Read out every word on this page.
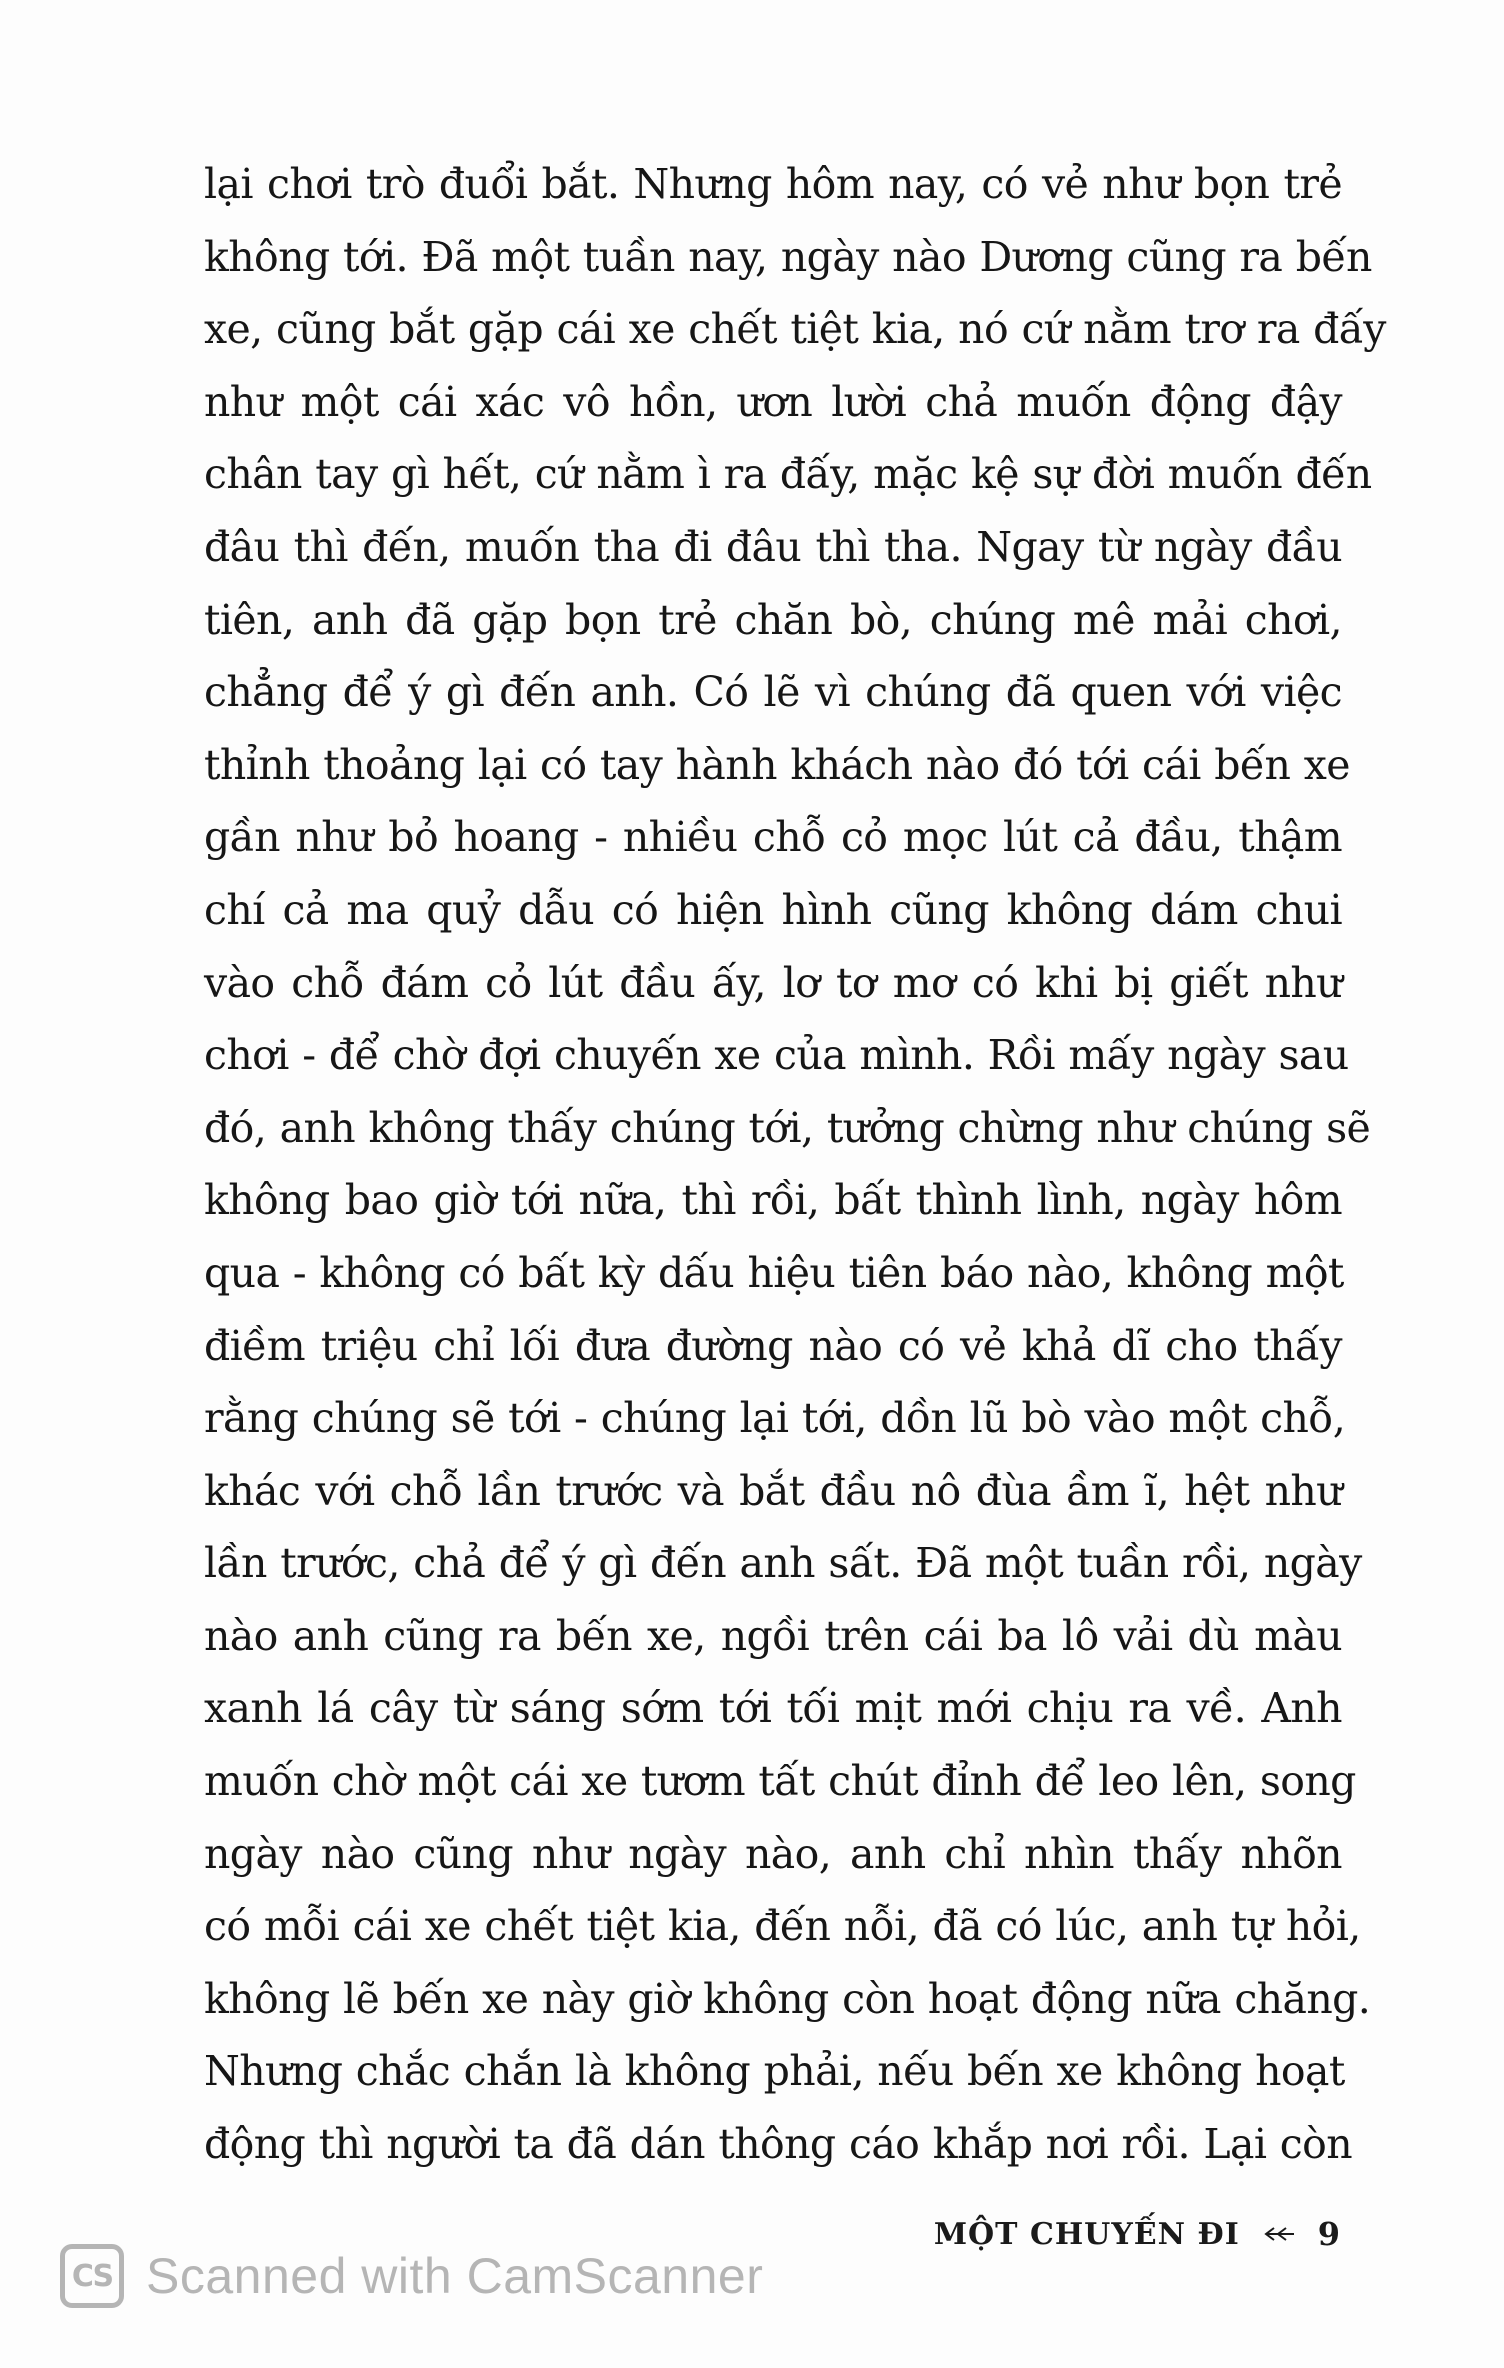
lại chơi trò đuổi bắt. Nhưng hôm nay, có vẻ như bọn trẻ
không tới. Đã một tuần nay, ngày nào Dương cũng ra bến
xe, cũng bắt gặp cái xe chết tiệt kia, nó cứ nằm trơ ra đấy
như một cái xác vô hồn, ươn lười chả muốn động đậy
chân tay gì hết, cứ nằm ì ra đấy, mặc kệ sự đời muốn đến
đâu thì đến, muốn tha đi đâu thì tha. Ngay từ ngày đầu
tiên, anh đã gặp bọn trẻ chăn bò, chúng mê mải chơi,
chẳng để ý gì đến anh. Có lẽ vì chúng đã quen với việc
thỉnh thoảng lại có tay hành khách nào đó tới cái bến xe
gần như bỏ hoang - nhiều chỗ cỏ mọc lút cả đầu, thậm
chí cả ma quỷ dẫu có hiện hình cũng không dám chui
vào chỗ đám cỏ lút đầu ấy, lơ tơ mơ có khi bị giết như
chơi - để chờ đợi chuyến xe của mình. Rồi mấy ngày sau
đó, anh không thấy chúng tới, tưởng chừng như chúng sẽ
không bao giờ tới nữa, thì rồi, bất thình lình, ngày hôm
qua - không có bất kỳ dấu hiệu tiên báo nào, không một
điềm triệu chỉ lối đưa đường nào có vẻ khả dĩ cho thấy
rằng chúng sẽ tới - chúng lại tới, dồn lũ bò vào một chỗ,
khác với chỗ lần trước và bắt đầu nô đùa ầm ĩ, hệt như
lần trước, chả để ý gì đến anh sất. Đã một tuần rồi, ngày
nào anh cũng ra bến xe, ngồi trên cái ba lô vải dù màu
xanh lá cây từ sáng sớm tới tối mịt mới chịu ra về. Anh
muốn chờ một cái xe tươm tất chút đỉnh để leo lên, song
ngày nào cũng như ngày nào, anh chỉ nhìn thấy nhõn
có mỗi cái xe chết tiệt kia, đến nỗi, đã có lúc, anh tự hỏi,
không lẽ bến xe này giờ không còn hoạt động nữa chăng.
Nhưng chắc chắn là không phải, nếu bến xe không hoạt
động thì người ta đã dán thông cáo khắp nơi rồi. Lại còn
MỘT CHUYẾN ĐI 9
CS Scanned with CamScanner
